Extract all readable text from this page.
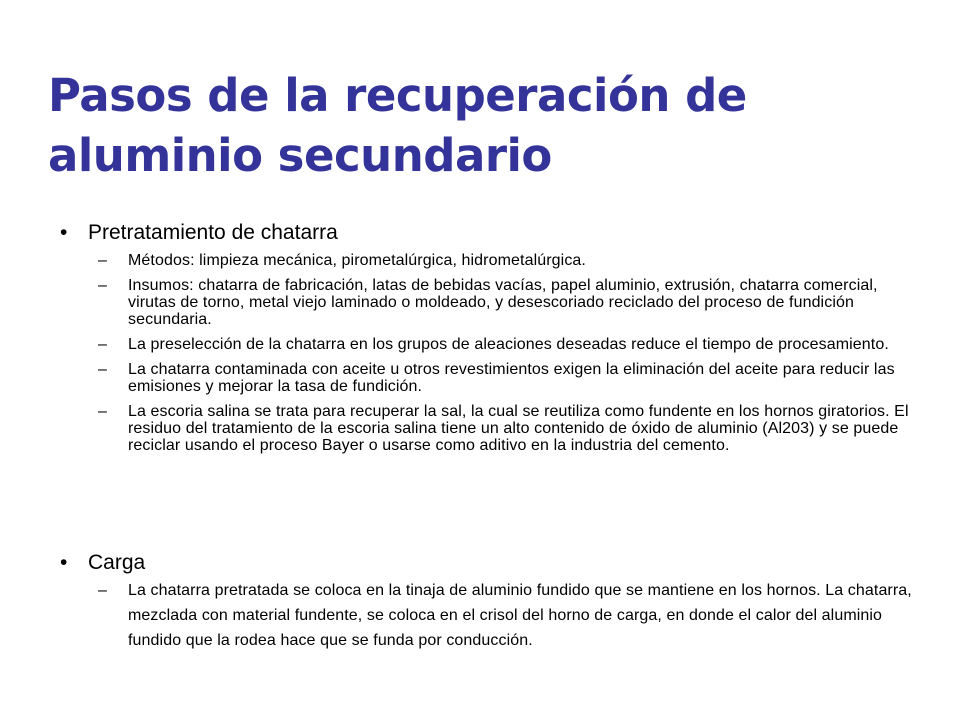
Pasos de la recuperación de aluminio secundario
• Pretratamiento de chatarra
– Métodos: limpieza mecánica, pirometalúrgica, hidrometalúrgica.
– Insumos: chatarra de fabricación, latas de bebidas vacías, papel aluminio, extrusión, chatarra comercial, virutas de torno, metal viejo laminado o moldeado, y desescoriado reciclado del proceso de fundición secundaria.
– La preselección de la chatarra en los grupos de aleaciones deseadas reduce el tiempo de procesamiento.
– La chatarra contaminada con aceite u otros revestimientos exigen la eliminación del aceite para reducir las emisiones y mejorar la tasa de fundición.
– La escoria salina se trata para recuperar la sal, la cual se reutiliza como fundente en los hornos giratorios. El residuo del tratamiento de la escoria salina tiene un alto contenido de óxido de aluminio (Al203) y se puede reciclar usando el proceso Bayer o usarse como aditivo en la industria del cemento.
• Carga
– La chatarra pretratada se coloca en la tinaja de aluminio fundido que se mantiene en los hornos. La chatarra, mezclada con material fundente, se coloca en el crisol del horno de carga, en donde el calor del aluminio fundido que la rodea hace que se funda por conducción.
